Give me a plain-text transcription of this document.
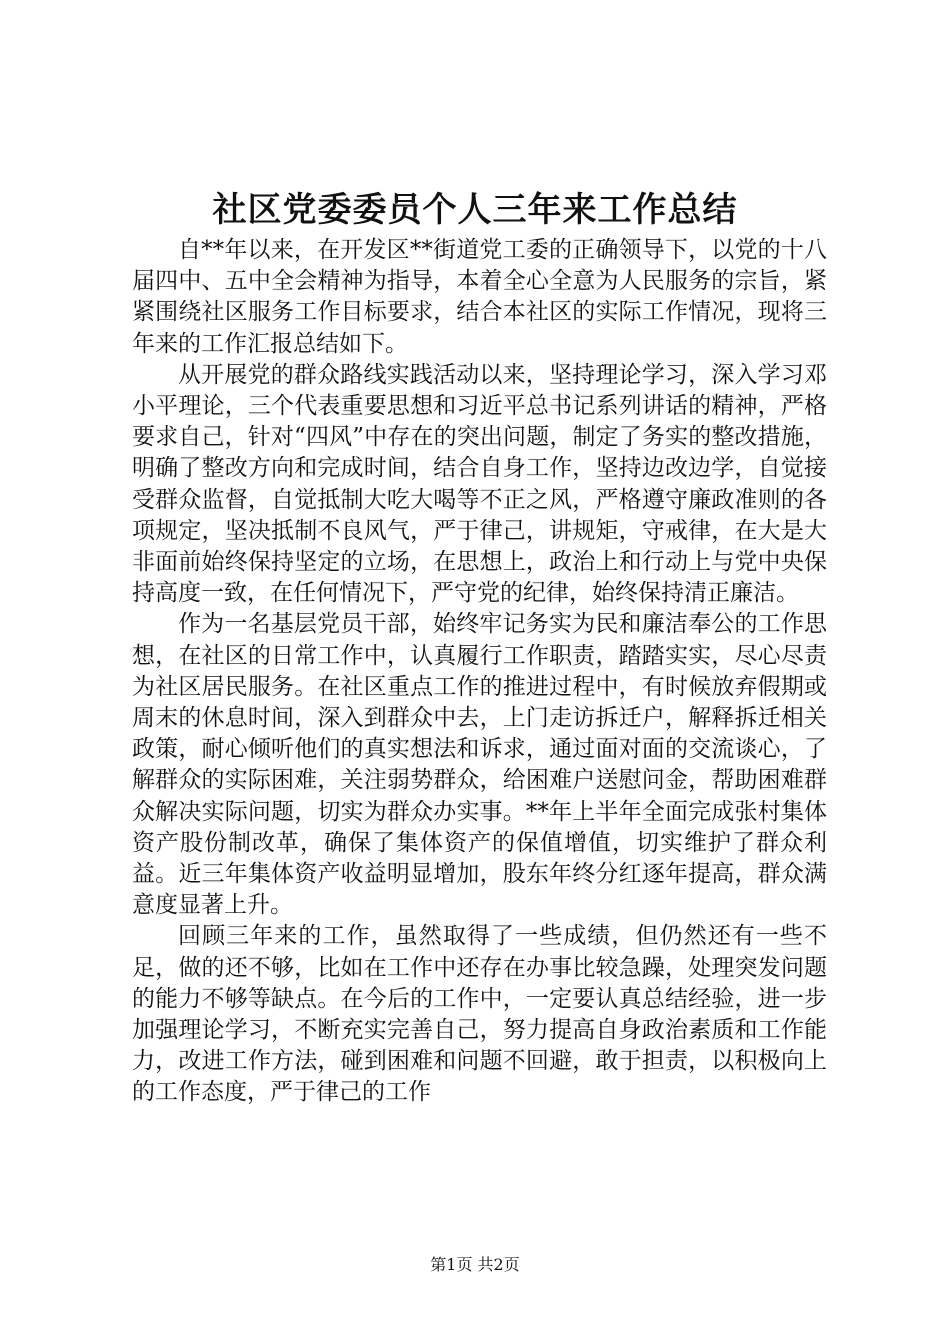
社区党委委员个人三年来工作总结

自**年以来，在开发区**街道党工委的正确领导下，以党的十八届四中、五中全会精神为指导，本着全心全意为人民服务的宗旨，紧紧围绕社区服务工作目标要求，结合本社区的实际工作情况，现将三年来的工作汇报总结如下。

从开展党的群众路线实践活动以来，坚持理论学习，深入学习邓小平理论，三个代表重要思想和习近平总书记系列讲话的精神，严格要求自己，针对“四风”中存在的突出问题，制定了务实的整改措施，明确了整改方向和完成时间，结合自身工作，坚持边改边学，自觉接受群众监督，自觉抵制大吃大喝等不正之风，严格遵守廉政准则的各项规定，坚决抵制不良风气，严于律己，讲规矩，守戒律，在大是大非面前始终保持坚定的立场，在思想上，政治上和行动上与党中央保持高度一致，在任何情况下，严守党的纪律，始终保持清正廉洁。

作为一名基层党员干部，始终牢记务实为民和廉洁奉公的工作思想，在社区的日常工作中，认真履行工作职责，踏踏实实，尽心尽责为社区居民服务。在社区重点工作的推进过程中，有时候放弃假期或周末的休息时间，深入到群众中去，上门走访拆迁户，解释拆迁相关政策，耐心倾听他们的真实想法和诉求，通过面对面的交流谈心，了解群众的实际困难，关注弱势群众，给困难户送慰问金，帮助困难群众解决实际问题，切实为群众办实事。**年上半年全面完成张村集体资产股份制改革，确保了集体资产的保值增值，切实维护了群众利益。近三年集体资产收益明显增加，股东年终分红逐年提高，群众满意度显著上升。

回顾三年来的工作，虽然取得了一些成绩，但仍然还有一些不足，做的还不够，比如在工作中还存在办事比较急躁，处理突发问题的能力不够等缺点。在今后的工作中，一定要认真总结经验，进一步加强理论学习，不断充实完善自己，努力提高自身政治素质和工作能力，改进工作方法，碰到困难和问题不回避，敢于担责，以积极向上的工作态度，严于律己的工作

第1页 共2页
